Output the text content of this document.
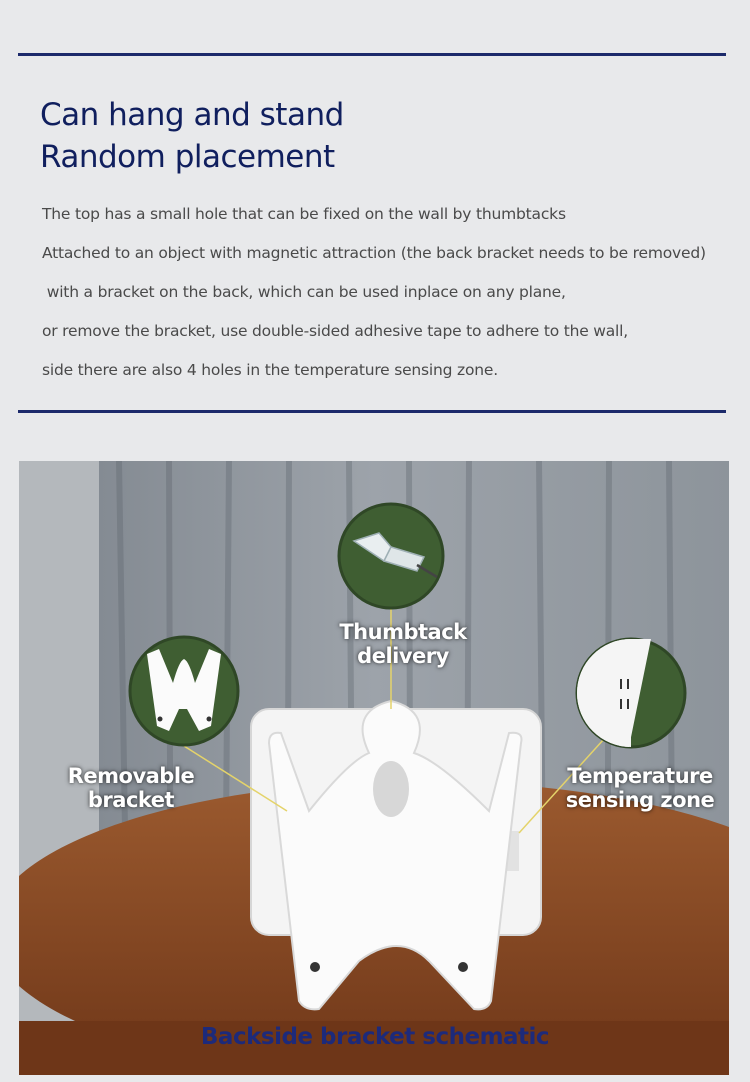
Can hang and stand
Random placement
The top has a small hole that can be fixed on the wall by thumbtacks
Attached to an object with magnetic attraction (the back bracket needs to be removed)
with a bracket on the back, which can be used inplace on any plane,
or remove the bracket, use double-sided adhesive tape to adhere to the wall,
side there are also 4 holes in the temperature sensing zone.
Thumbtack delivery
Removable
bracket
Temperature
sensing zone
Backside bracket schematic
